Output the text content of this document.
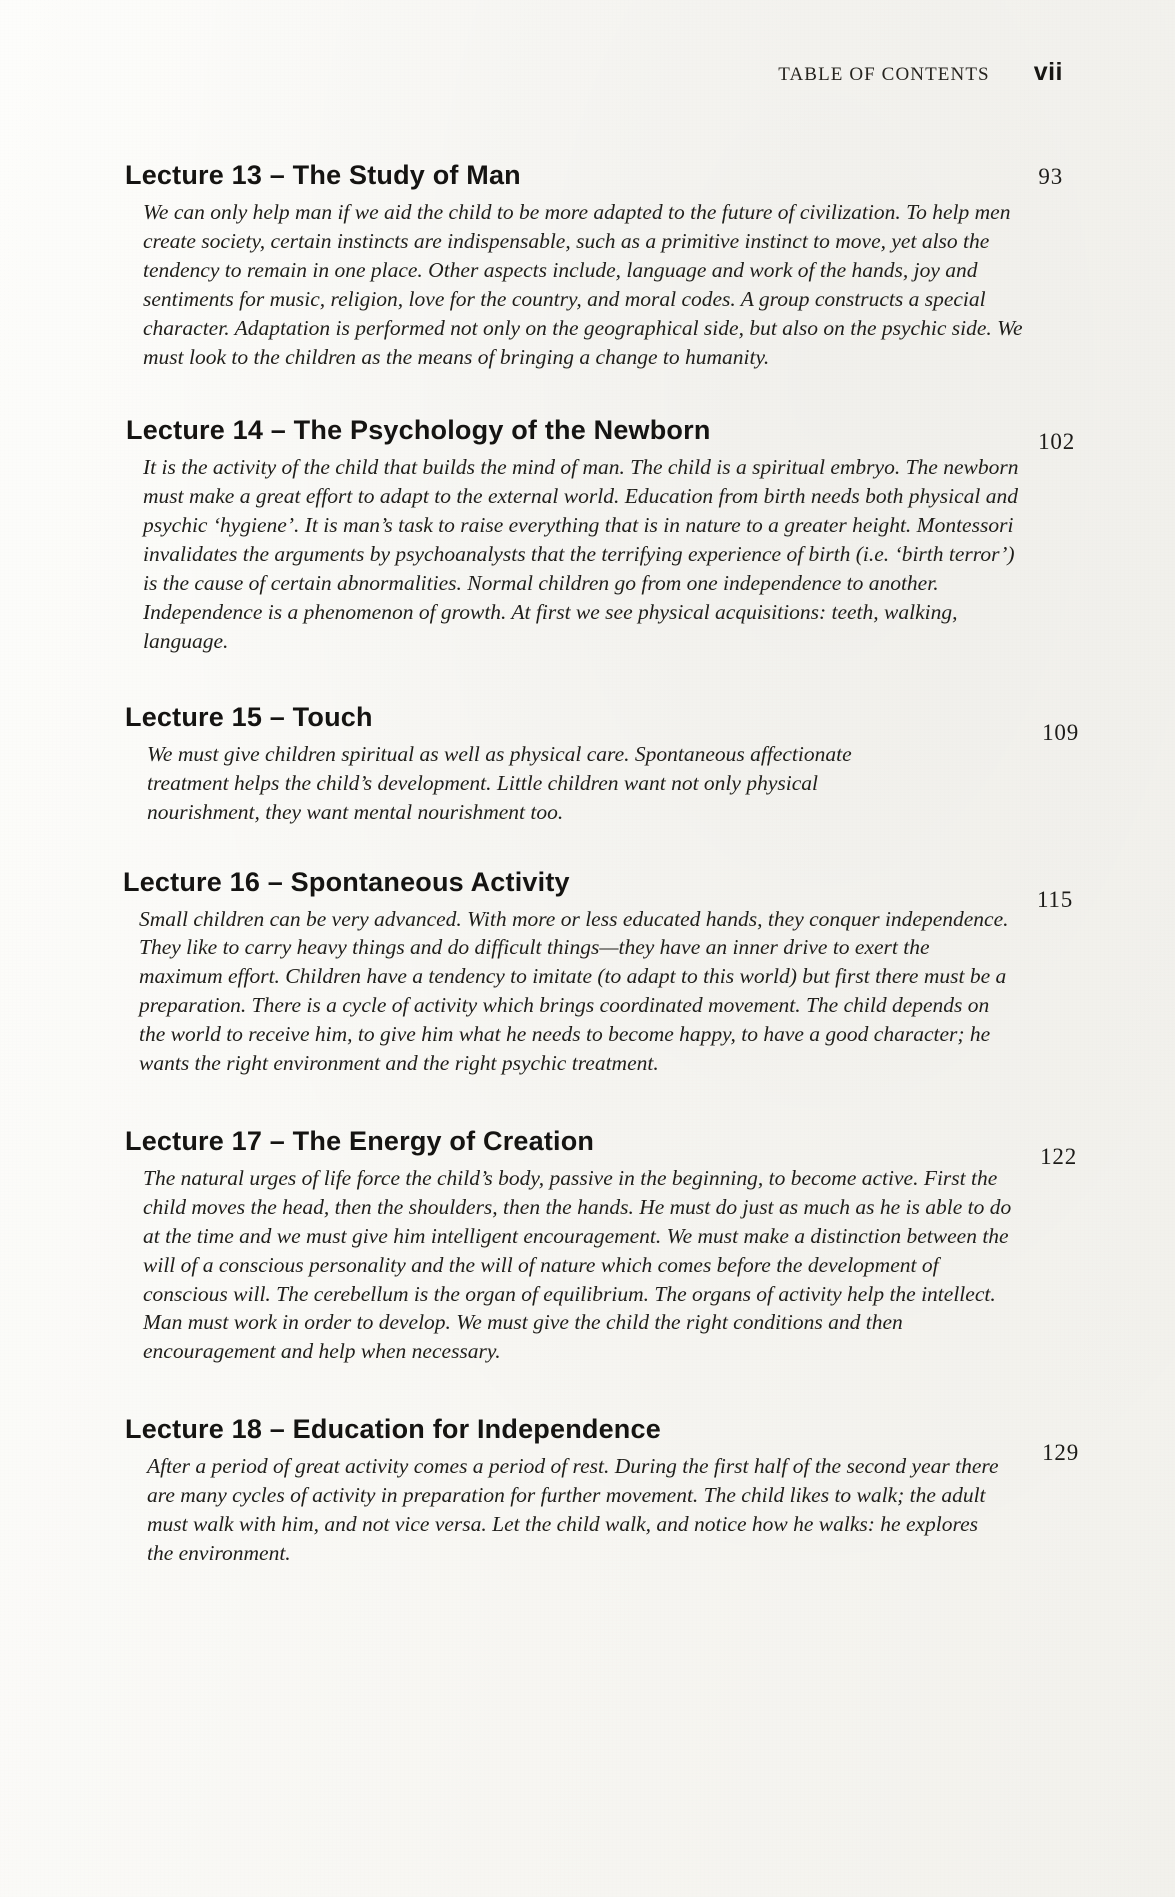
TABLE OF CONTENTS vii
Lecture 13 – The Study of Man	93
We can only help man if we aid the child to be more adapted to the future of civilization. To help men create society, certain instincts are indispensable, such as a primitive instinct to move, yet also the tendency to remain in one place. Other aspects include, language and work of the hands, joy and sentiments for music, religion, love for the country, and moral codes. A group constructs a special character. Adaptation is performed not only on the geographical side, but also on the psychic side. We must look to the children as the means of bringing a change to humanity.
Lecture 14 – The Psychology of the Newborn	102
It is the activity of the child that builds the mind of man. The child is a spiritual embryo. The newborn must make a great effort to adapt to the external world. Education from birth needs both physical and psychic ‘hygiene’. It is man’s task to raise everything that is in nature to a greater height. Montessori invalidates the arguments by psychoanalysts that the terrifying experience of birth (i.e. ‘birth terror’) is the cause of certain abnormalities. Normal children go from one independence to another. Independence is a phenomenon of growth. At first we see physical acquisitions: teeth, walking, language.
Lecture 15 – Touch
109
We must give children spiritual as well as physical care. Spontaneous affectionate treatment helps the child’s development. Little children want not only physical nourishment, they want mental nourishment too.
Lecture 16 – Spontaneous Activity
115
Small children can be very advanced. With more or less educated hands, they conquer independence. They like to carry heavy things and do difficult things—they have an inner drive to exert the maximum effort. Children have a tendency to imitate (to adapt to this world) but first there must be a preparation. There is a cycle of activity which brings coordinated movement. The child depends on the world to receive him, to give him what he needs to become happy, to have a good character; he wants the right environment and the right psychic treatment.
Lecture 17 – The Energy of Creation
122
The natural urges of life force the child’s body, passive in the beginning, to become active. First the child moves the head, then the shoulders, then the hands. He must do just as much as he is able to do at the time and we must give him intelligent encouragement. We must make a distinction between the will of a conscious personality and the will of nature which comes before the development of conscious will. The cerebellum is the organ of equilibrium. The organs of activity help the intellect. Man must work in order to develop. We must give the child the right conditions and then encouragement and help when necessary.
Lecture 18 – Education for Independence
129
After a period of great activity comes a period of rest. During the first half of the second year there are many cycles of activity in preparation for further movement. The child likes to walk; the adult must walk with him, and not vice versa. Let the child walk, and notice how he walks: he explores the environment.
